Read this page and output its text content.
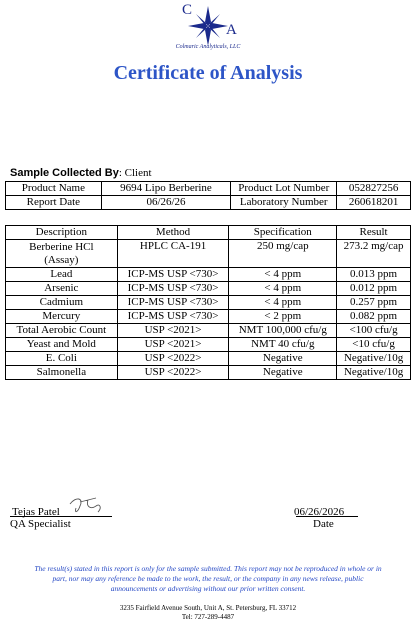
C
A
Colmaric Analyticals, LLC
Certificate of Analysis
Sample Collected By: Client
Product Name	9694 Lipo Berberine	Product Lot Number	052827256
Report Date	06/26/26	Laboratory Number	260618201
Description	Method	Specification	Result
Berberine HCl
(Assay)	HPLC CA-191	250 mg/cap	273.2 mg/cap
Lead	ICP-MS USP <730>	< 4 ppm	0.013 ppm
Arsenic	ICP-MS USP <730>	< 4 ppm	0.012 ppm
Cadmium	ICP-MS USP <730>	< 4 ppm	0.257 ppm
Mercury	ICP-MS USP <730>	< 2 ppm	0.082 ppm
Total Aerobic Count	USP <2021>	NMT 100,000 cfu/g	<100 cfu/g
Yeast and Mold	USP <2021>	NMT 40 cfu/g	<10 cfu/g
E. Coli	USP <2022>	Negative	Negative/10g
Salmonella	USP <2022>	Negative	Negative/10g
Tejas Patel
QA Specialist
06/26/2026
Date
The result(s) stated in this report is only for the sample submitted. This report may not be reproduced in whole or in
part, nor may any reference be made to the work, the result, or the company in any news release, public
announcements or advertising without our prior written consent.
3235 Fairfield Avenue South, Unit A, St. Petersburg, FL 33712
Tel: 727-289-4487
